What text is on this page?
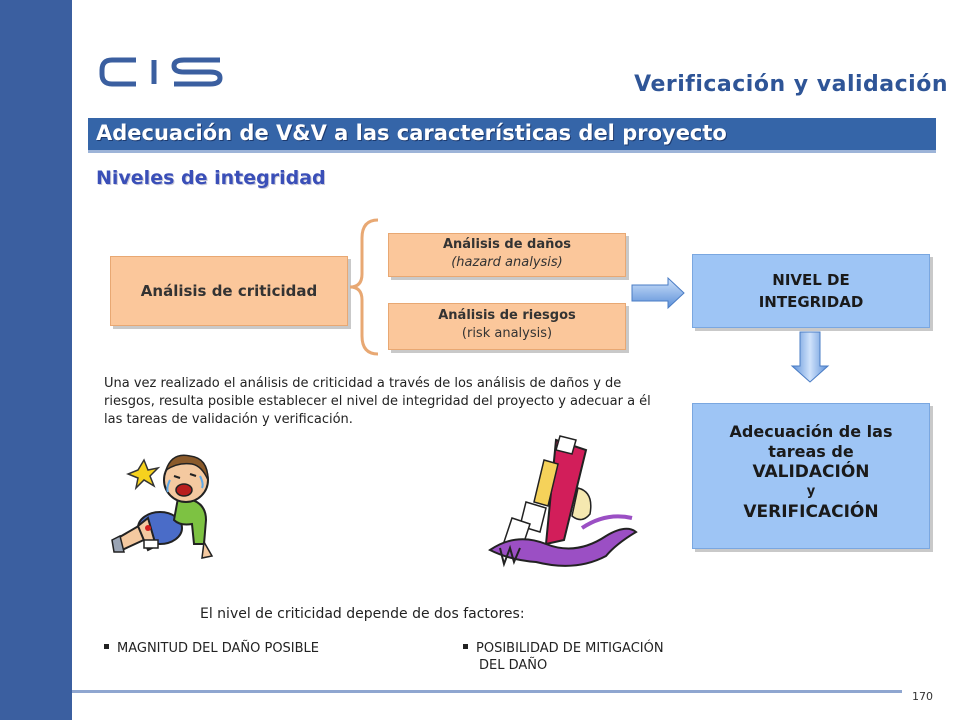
Verificación y validación
Adecuación de V&V a las características del proyecto
Niveles de integridad
Análisis de criticidad
Análisis de daños
(hazard analysis)
Análisis de riesgos
(risk analysis)
NIVEL DE
INTEGRIDAD
Adecuación de las
tareas de
VALIDACIÓN
y
VERIFICACIÓN
Una vez realizado el análisis de criticidad a través de los análisis de daños y de riesgos, resulta posible establecer el nivel de integridad del proyecto y adecuar a él las tareas de validación y verificación.
El nivel de criticidad depende de dos factores:
MAGNITUD DEL DAÑO POSIBLE	POSIBILIDAD DE MITIGACIÓN
DEL DAÑO
170
